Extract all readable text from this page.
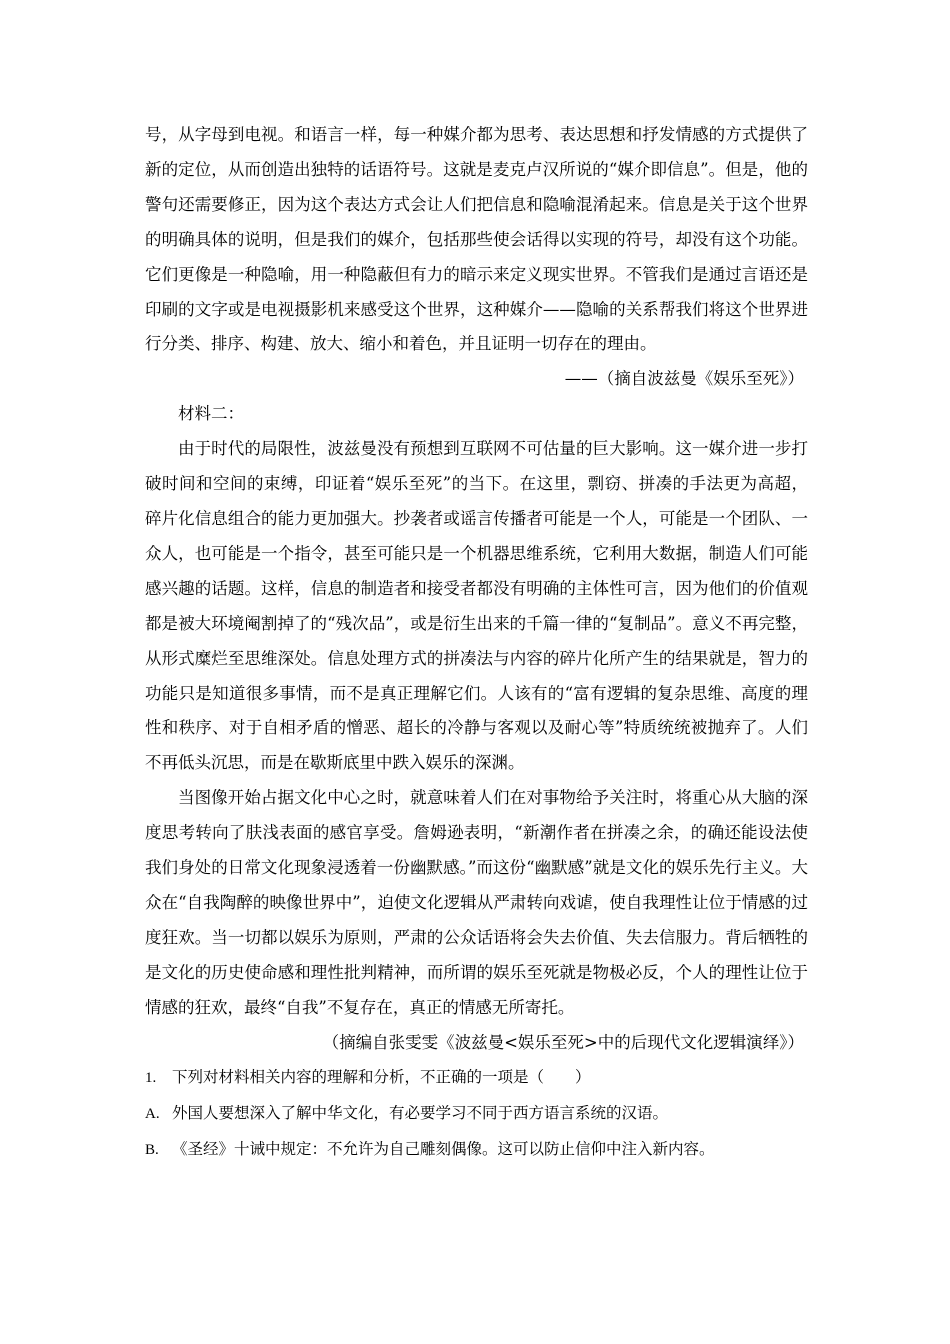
号，从字母到电视。和语言一样，每一种媒介都为思考、表达思想和抒发情感的方式提供了新的定位，从而创造出独特的话语符号。这就是麦克卢汉所说的“媒介即信息”。但是，他的警句还需要修正，因为这个表达方式会让人们把信息和隐喻混淆起来。信息是关于这个世界的明确具体的说明，但是我们的媒介，包括那些使会话得以实现的符号，却没有这个功能。它们更像是一种隐喻，用一种隐蔽但有力的暗示来定义现实世界。不管我们是通过言语还是印刷的文字或是电视摄影机来感受这个世界，这种媒介——隐喻的关系帮我们将这个世界进行分类、排序、构建、放大、缩小和着色，并且证明一切存在的理由。

——（摘自波兹曼《娱乐至死》）

材料二：

由于时代的局限性，波兹曼没有预想到互联网不可估量的巨大影响。这一媒介进一步打破时间和空间的束缚，印证着“娱乐至死”的当下。在这里，剽窃、拼凑的手法更为高超， 碎片化信息组合的能力更加强大。抄袭者或谣言传播者可能是一个人，可能是一个团队、一众人，也可能是一个指令，甚至可能只是一个机器思维系统，它利用大数据，制造人们可能感兴趣的话题。这样，信息的制造者和接受者都没有明确的主体性可言，因为他们的价值观都是被大环境阉割掉了的“残次品”，或是衍生出来的千篇一律的“复制品”。意义不再完整，从形式糜烂至思维深处。信息处理方式的拼凑法与内容的碎片化所产生的结果就是，智力的功能只是知道很多事情，而不是真正理解它们。人该有的“富有逻辑的复杂思维、高度的理性和秩序、对于自相矛盾的憎恶、超长的冷静与客观以及耐心等”特质统统被抛弃了。人们不再低头沉思，而是在歇斯底里中跌入娱乐的深渊。

当图像开始占据文化中心之时，就意味着人们在对事物给予关注时，将重心从大脑的深度思考转向了肤浅表面的感官享受。詹姆逊表明，“新潮作者在拼凑之余，的确还能设法使我们身处的日常文化现象浸透着一份幽默感。”而这份“幽默感”就是文化的娱乐先行主义。大众在“自我陶醉的映像世界中”，迫使文化逻辑从严肃转向戏谑，使自我理性让位于情感的过度狂欢。当一切都以娱乐为原则，严肃的公众话语将会失去价值、失去信服力。背后牺牲的是文化的历史使命感和理性批判精神，而所谓的娱乐至死就是物极必反，个人的理性让位于情感的狂欢，最终“自我”不复存在，真正的情感无所寄托。

（摘编自张雯雯《波兹曼<娱乐至死>中的后现代文化逻辑演绎》）

1. 下列对材料相关内容的理解和分析，不正确的一项是（　　）

A. 外国人要想深入了解中华文化，有必要学习不同于西方语言系统的汉语。

B. 《圣经》十诫中规定：不允许为自己雕刻偶像。这可以防止信仰中注入新内容。
